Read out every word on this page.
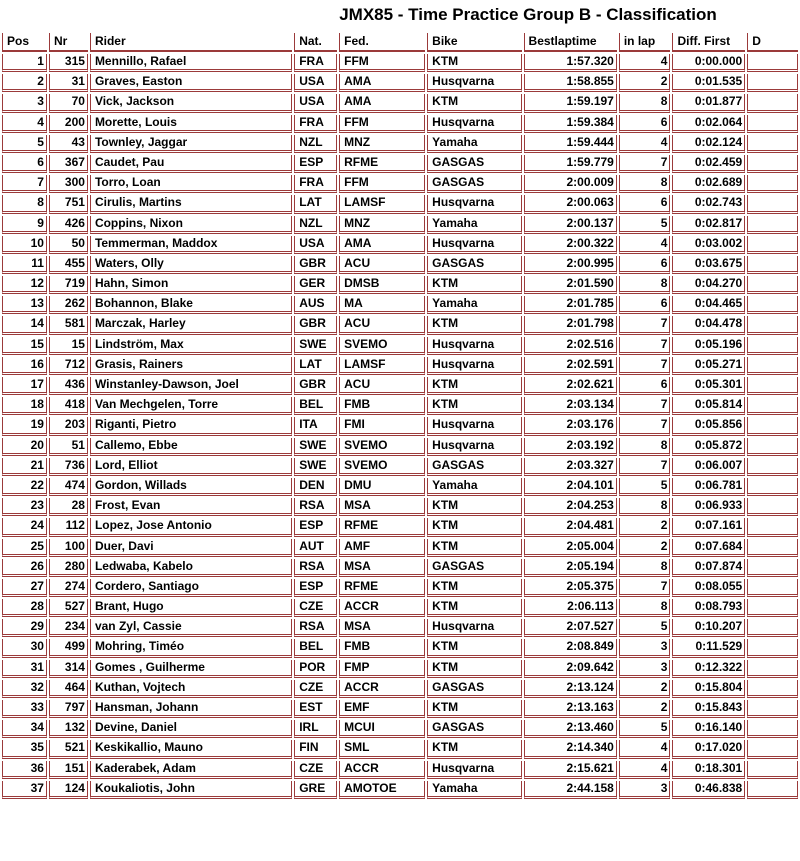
JMX85 - Time Practice Group B - Classification
Pos	Nr	Rider	Nat.	Fed.	Bike	Bestlaptime	in lap	Diff. First	D
1	315	Mennillo, Rafael	FRA	FFM	KTM	1:57.320	4	0:00.000	
2	31	Graves, Easton	USA	AMA	Husqvarna	1:58.855	2	0:01.535	
3	70	Vick, Jackson	USA	AMA	KTM	1:59.197	8	0:01.877	
4	200	Morette, Louis	FRA	FFM	Husqvarna	1:59.384	6	0:02.064	
5	43	Townley, Jaggar	NZL	MNZ	Yamaha	1:59.444	4	0:02.124	
6	367	Caudet, Pau	ESP	RFME	GASGAS	1:59.779	7	0:02.459	
7	300	Torro, Loan	FRA	FFM	GASGAS	2:00.009	8	0:02.689	
8	751	Cirulis, Martins	LAT	LAMSF	Husqvarna	2:00.063	6	0:02.743	
9	426	Coppins, Nixon	NZL	MNZ	Yamaha	2:00.137	5	0:02.817	
10	50	Temmerman, Maddox	USA	AMA	Husqvarna	2:00.322	4	0:03.002	
11	455	Waters, Olly	GBR	ACU	GASGAS	2:00.995	6	0:03.675	
12	719	Hahn, Simon	GER	DMSB	KTM	2:01.590	8	0:04.270	
13	262	Bohannon, Blake	AUS	MA	Yamaha	2:01.785	6	0:04.465	
14	581	Marczak, Harley	GBR	ACU	KTM	2:01.798	7	0:04.478	
15	15	Lindström, Max	SWE	SVEMO	Husqvarna	2:02.516	7	0:05.196	
16	712	Grasis, Rainers	LAT	LAMSF	Husqvarna	2:02.591	7	0:05.271	
17	436	Winstanley-Dawson, Joel	GBR	ACU	KTM	2:02.621	6	0:05.301	
18	418	Van Mechgelen, Torre	BEL	FMB	KTM	2:03.134	7	0:05.814	
19	203	Riganti, Pietro	ITA	FMI	Husqvarna	2:03.176	7	0:05.856	
20	51	Callemo, Ebbe	SWE	SVEMO	Husqvarna	2:03.192	8	0:05.872	
21	736	Lord, Elliot	SWE	SVEMO	GASGAS	2:03.327	7	0:06.007	
22	474	Gordon, Willads	DEN	DMU	Yamaha	2:04.101	5	0:06.781	
23	28	Frost, Evan	RSA	MSA	KTM	2:04.253	8	0:06.933	
24	112	Lopez, Jose Antonio	ESP	RFME	KTM	2:04.481	2	0:07.161	
25	100	Duer, Davi	AUT	AMF	KTM	2:05.004	2	0:07.684	
26	280	Ledwaba, Kabelo	RSA	MSA	GASGAS	2:05.194	8	0:07.874	
27	274	Cordero, Santiago	ESP	RFME	KTM	2:05.375	7	0:08.055	
28	527	Brant, Hugo	CZE	ACCR	KTM	2:06.113	8	0:08.793	
29	234	van Zyl, Cassie	RSA	MSA	Husqvarna	2:07.527	5	0:10.207	
30	499	Mohring, Timéo	BEL	FMB	KTM	2:08.849	3	0:11.529	
31	314	Gomes , Guilherme	POR	FMP	KTM	2:09.642	3	0:12.322	
32	464	Kuthan, Vojtech	CZE	ACCR	GASGAS	2:13.124	2	0:15.804	
33	797	Hansman, Johann	EST	EMF	KTM	2:13.163	2	0:15.843	
34	132	Devine, Daniel	IRL	MCUI	GASGAS	2:13.460	5	0:16.140	
35	521	Keskikallio, Mauno	FIN	SML	KTM	2:14.340	4	0:17.020	
36	151	Kaderabek, Adam	CZE	ACCR	Husqvarna	2:15.621	4	0:18.301	
37	124	Koukaliotis, John	GRE	AMOTOE	Yamaha	2:44.158	3	0:46.838	
